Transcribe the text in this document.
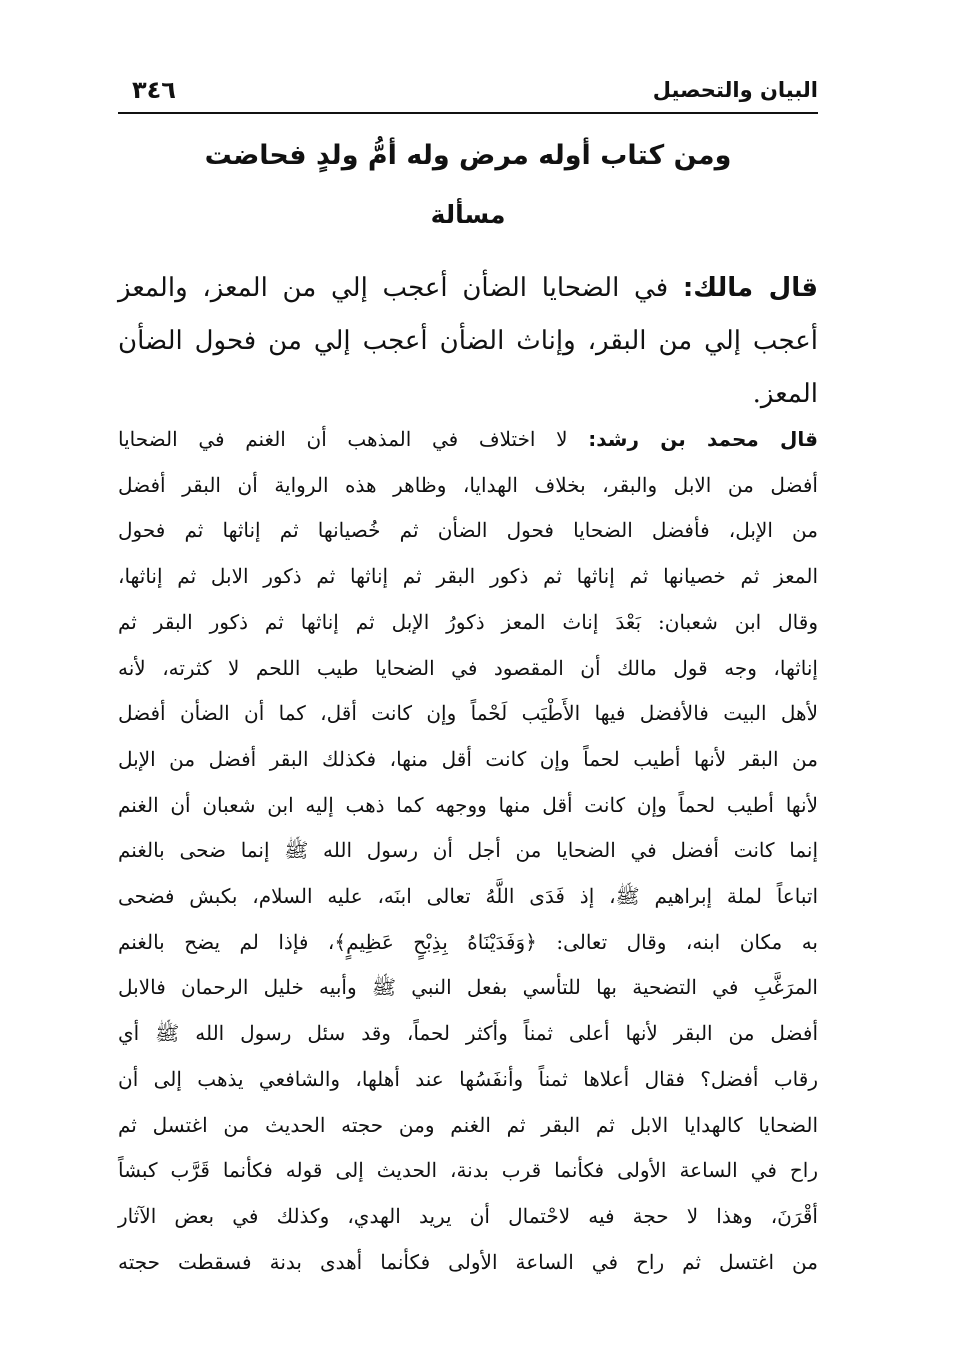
البيان والتحصيل
٣٤٦
ومن كتاب أوله مرض وله أمُّ ولدٍ فحاضت
مسألة

قال مالك: في الضحايا الضأن أعجب إلي من المعز، والمعز
أعجب إلي من البقر، وإناث الضأن أعجب إلي من فحول الضأن
المعز.

قال محمد بن رشد: لا اختلاف في المذهب أن الغنم في الضحايا
أفضل من الابل والبقر، بخلاف الهدايا، وظاهر هذه الرواية أن البقر أفضل
من الإبل، فأفضل الضحايا فحول الضأن ثم خُصيانها ثم إناثها ثم فحول
المعز ثم خصيانها ثم إناثها ثم ذكور البقر ثم إناثها ثم ذكور الابل ثم إناثها،
وقال ابن شعبان: بَعْدَ إناث المعز ذكورُ الإبل ثم إناثها ثم ذكور البقر ثم
إناثها، وجه قول مالك أن المقصود في الضحايا طيب اللحم لا كثرته، لأنه
لأهل البيت فالأفضل فيها الأَطْيَب لَحْماً وإن كانت أقل، كما أن الضأن أفضل
من البقر لأنها أطيب لحماً وإن كانت أقل منها، فكذلك البقر أفضل من الإبل
لأنها أطيب لحماً وإن كانت أقل منها ووجهه كما ذهب إليه ابن شعبان أن الغنم
إنما كانت أفضل في الضحايا من أجل أن رسول الله ﷺ إنما ضحى بالغنم
اتباعاً لملة إبراهيم ﷺ، إذ فَدَى اللَّهُ تعالى ابنَه، عليه السلام، بكبش فضحى
به مكان ابنه، وقال تعالى: ﴿وَفَدَيْنَاهُ بِذِبْحٍ عَظِيمٍ﴾، فإذا لم يضح بالغنم
المرَغَّبِ في التضحية بها للتأسي بفعل النبي ﷺ وأبيه خليل الرحمان فالابل
أفضل من البقر لأنها أعلى ثمناً وأكثر لحماً، وقد سئل رسول الله ﷺ أي
رقاب أفضل؟ فقال أعلاها ثمناً وأنفَسُها عند أهلها، والشافعي يذهب إلى أن
الضحايا كالهدايا الابل ثم البقر ثم الغنم ومن حجته الحديث من اغتسل ثم
راح في الساعة الأولى فكأنما قرب بدنة، الحديث إلى قوله فكأنما قَرَّب كبشاً
أقْرَنَ، وهذا لا حجة فيه لاحْتمال أن يريد الهدي، وكذلك في بعض الآثار
من اغتسل ثم راح في الساعة الأولى فكأنما أهدى بدنة فسقطت حجته
